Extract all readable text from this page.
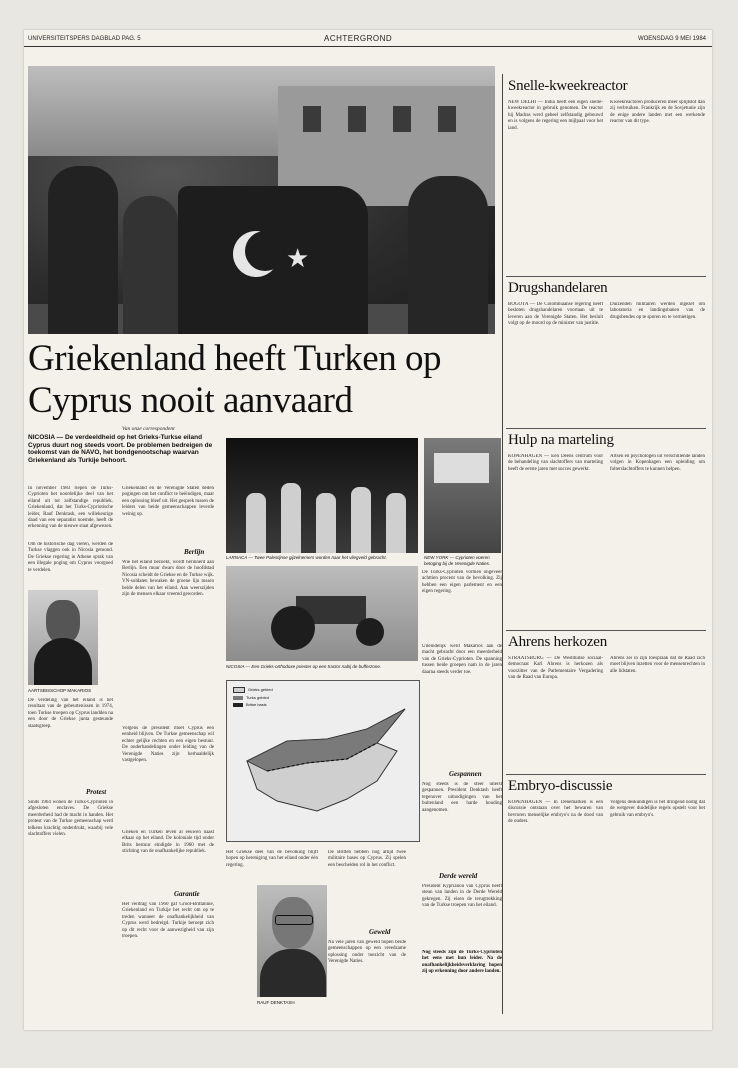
UNIVERSITEITSPERS DAGBLAD PAG. 5	ACHTERGROND	WOENSDAG 9 MEI 1984
★
Griekenland heeft Turken op Cyprus nooit aanvaard
Van onze correspondent
NICOSIA — De verdeeldheid op het Grieks-Turkse eiland Cyprus duurt nog steeds voort. De problemen bedreigen de toekomst van de NAVO, het bondgenootschap waarvan Griekenland als Turkije behoort.
In november 1983 riepen de Turks-Cyprioten het noordelijke deel van het eiland uit tot zelfstandige republiek. Griekenland, dat het Turks-Cypriotische leider, Rauf Denktash, een willekeurige daad van een separatist noemde, heeft de erkenning van de nieuwe staat afgewezen.
Om de historische dag vieren, werden de Turkse vlaggen ook in Nicosia getoond. De Griekse regering in Athene sprak van een illegale poging om Cyprus voorgoed te verdelen.
AARTSBISSCHOP MAKARIOS
De verdeling van het eiland is het resultaat van de gebeurtenissen in 1974, toen Turkse troepen op Cyprus landden na een door de Griekse junta gesteunde staatsgreep.
Protest
Sinds 1964 wonen de Turks-Cyprioten in afgesloten enclaves. De Griekse meerderheid had de macht in handen. Het protest van de Turkse gemeenschap werd telkens krachtig onderdrukt, waarbij vele slachtoffers vielen.
Griekenland en de Verenigde Staten deden pogingen om het conflict te beëindigen, maar een oplossing bleef uit. Het gesprek tussen de leiders van beide gemeenschappen leverde weinig op.
Berlijn
Wie het eiland bezoekt, wordt herinnerd aan Berlijn. Een muur dwars door de hoofdstad Nicosia scheidt de Griekse en de Turkse wijk. VN-soldaten bewaken de groene lijn tussen beide delen van het eiland. Aan weerszijden zijn de mensen elkaar vreemd geworden.
Volgens de president moet Cyprus een eenheid blijven. De Turkse gemeenschap wil echter gelijke rechten en een eigen bestuur. De onderhandelingen onder leiding van de Verenigde Naties zijn herhaaldelijk vastgelopen.
Grieken en Turken leven al eeuwen naast elkaar op het eiland. De koloniale tijd onder Brits bestuur eindigde in 1960 met de stichting van de onafhankelijke republiek.
Garantie
Het verdrag van 1960 gaf Groot-Brittannië, Griekenland en Turkije het recht om op te treden wanneer de onafhankelijkheid van Cyprus werd bedreigd. Turkije beroept zich op dit recht voor de aanwezigheid van zijn troepen.
LARNACA — Twee Palestijnse gijzelnemers worden naar het vliegveld gebracht.	NEW YORK — Cyprioten voeren betoging bij de Verenigde Naties.
NICOSIA — Een Grieks-orthodoxe priester op een tractor nabij de bufferzone.
Grieks gebied
Turks gebied
Britse basis
Het Griekse deel van de bevolking blijft hopen op hereniging van het eiland onder één regering.
RAUF DENKTASH
De Britten hebben nog altijd twee militaire bases op Cyprus. Zij spelen een bescheiden rol in het conflict.
Geweld
Na vele jaren van geweld hopen beide gemeenschappen op een vreedzame oplossing onder toezicht van de Verenigde Naties.
De Turks-Cyprioten vormen ongeveer achttien procent van de bevolking. Zij hebben een eigen parlement en een eigen regering.
Uiteindelijk werd Makarios aan de macht gebracht door een meerderheid van de Grieks-Cyprioten. De spanning tussen beide groepen nam in de jaren daarna steeds verder toe.
Gespannen
Nog steeds is de sfeer uiterst gespannen. President Denktash heeft tegenover uitnodigingen van het buitenland een harde houding aangenomen.
Derde wereld
President Kyprianou van Cyprus heeft steun van landen in de Derde Wereld gekregen. Zij eisen de terugtrekking van de Turkse troepen van het eiland.
Nog steeds zijn de Turks-Cyprioten het eens met hun leider. Na de onafhankelijkheidsverklaring hopen zij op erkenning door andere landen.
Snelle-kweekreactor
NEW DELHI — India heeft een eigen snelle-kweekreactor in gebruik genomen. De reactor bij Madras werd geheel zelfstandig gebouwd en is volgens de regering een mijlpaal voor het land.
Kweekreactoren produceren meer splijtstof dan zij verbruiken. Frankrijk en de Sovjetunie zijn de enige andere landen met een werkende reactor van dit type.
Drugshandelaren
BOGOTA — De Colombiaanse regering heeft besloten drugshandelaren voortaan uit te leveren aan de Verenigde Staten. Het besluit volgt op de moord op de minister van justitie.
Duizenden militairen werden ingezet om laboratoria en landingsbanen van de drugsbendes op te sporen en te vernietigen.
Hulp na marteling
KOPENHAGEN — Een Deens centrum voor de behandeling van slachtoffers van marteling heeft de eerste jaren met succes gewerkt.
Artsen en psychologen uit verschillende landen volgen in Kopenhagen een opleiding om folterslachtoffers te kunnen helpen.
Ahrens herkozen
STRAATSBURG — De Westduitse sociaal-democraat Karl Ahrens is herkozen als voorzitter van de Parlementaire Vergadering van de Raad van Europa.
Ahrens zei in zijn toespraak dat de Raad zich moet blijven inzetten voor de mensenrechten in alle lidstaten.
Embryo-discussie
KOPENHAGEN — In Denemarken is een discussie ontstaan over het bewaren van bevroren menselijke embryo's na de dood van de ouders.
Volgens deskundigen is het dringend nodig dat de wetgever duidelijke regels opstelt voor het gebruik van embryo's.
